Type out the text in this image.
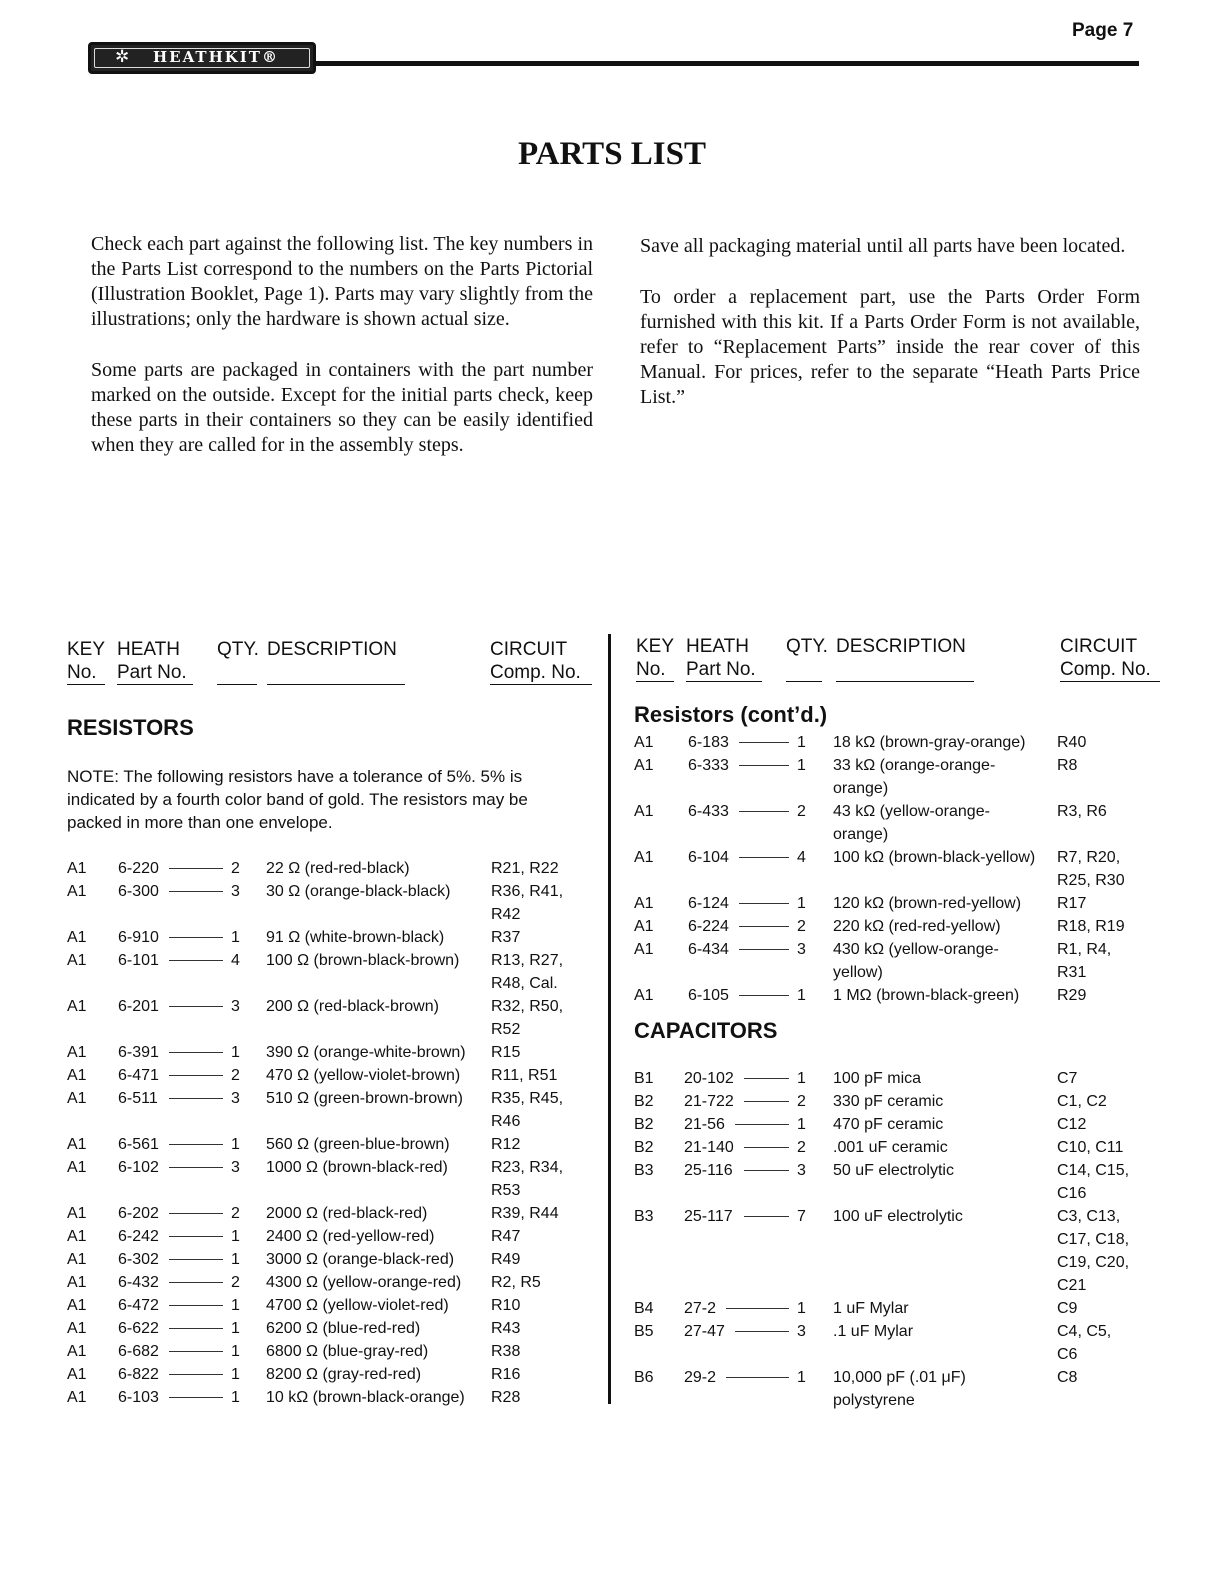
Page 7
✲ HEATHKIT®
PARTS LIST

Check each part against the following list. The key numbers in the Parts List correspond to the numbers on the Parts Pictorial (Illustration Booklet, Page 1). Parts may vary slightly from the illustrations; only the hardware is shown actual size.

Some parts are packaged in containers with the part number marked on the outside. Except for the initial parts check, keep these parts in their containers so they can be easily identified when they are called for in the assembly steps.

Save all packaging material until all parts have been located.

To order a replacement part, use the Parts Order Form furnished with this kit. If a Parts Order Form is not available, refer to “Replacement Parts” inside the rear cover of this Manual. For prices, refer to the separate “Heath Parts Price List.”

KEY
No.
HEATH
Part No.
QTY. DESCRIPTION	CIRCUIT
Comp. No.
RESISTORS

NOTE: The following resistors have a tolerance of 5%. 5% is indicated by a fourth color band of gold. The resistors may be packed in more than one envelope.

A1 6-220	2 22 Ω (red-red-black)	R21, R22
A1 6-300	3 30 Ω (orange-black-black)	R36, R41,
R42
A1 6-910	1 91 Ω (white-brown-black)	R37
A1 6-101	4 100 Ω (brown-black-brown) R13, R27,
R48, Cal.
A1 6-201	3 200 Ω (red-black-brown)	R32, R50,
R52
A1 6-391	1 390 Ω (orange-white-brown) R15
A1 6-471	2 470 Ω (yellow-violet-brown) R11, R51
A1 6-511	3 510 Ω (green-brown-brown) R35, R45,
R46
A1 6-561	1 560 Ω (green-blue-brown)	R12
A1 6-102	3 1000 Ω (brown-black-red)	R23, R34,
R53
A1 6-202	2 2000 Ω (red-black-red)	R39, R44
A1 6-242	1 2400 Ω (red-yellow-red)	R47
A1 6-302	1 3000 Ω (orange-black-red) R49
A1 6-432	2 4300 Ω (yellow-orange-red) R2, R5
A1 6-472	1 4700 Ω (yellow-violet-red)	R10
A1 6-622	1 6200 Ω (blue-red-red)	R43
A1 6-682	1 6800 Ω (blue-gray-red)	R38
A1 6-822	1 8200 Ω (gray-red-red)	R16
A1 6-103	1 10 kΩ (brown-black-orange) R28
KEY
No.
HEATH
Part No.
QTY. DESCRIPTION	CIRCUIT
Comp. No.
Resistors (cont’d.)
A1 6-183	1 18 kΩ (brown-gray-orange) R40
A1 6-333	1 33 kΩ (orange-orange-
orange)
R8
A1 6-433	2 43 kΩ (yellow-orange-
orange)
R3, R6
A1 6-104	4 100 kΩ (brown-black-yellow) R7, R20,
R25, R30
A1 6-124	1 120 kΩ (brown-red-yellow) R17
A1 6-224	2 220 kΩ (red-red-yellow)	R18, R19
A1 6-434	3 430 kΩ (yellow-orange-
yellow)
R1, R4,
R31
A1 6-105	1 1 MΩ (brown-black-green) R29
CAPACITORS
B1 20-102	1 100 pF mica	C7
B2 21-722	2 330 pF ceramic	C1, C2
B2 21-56	1 470 pF ceramic	C12
B2 21-140	2 .001 uF ceramic	C10, C11
B3 25-116	3 50 uF electrolytic	C14, C15,
C16
B3 25-117	7 100 uF electrolytic	C3, C13,
C17, C18,
C19, C20,
C21
B4 27-2	1 1 uF Mylar	C9
B5 27-47	3 .1 uF Mylar	C4, C5,
C6
B6 29-2	1 10,000 pF (.01 μF)
polystyrene
C8
